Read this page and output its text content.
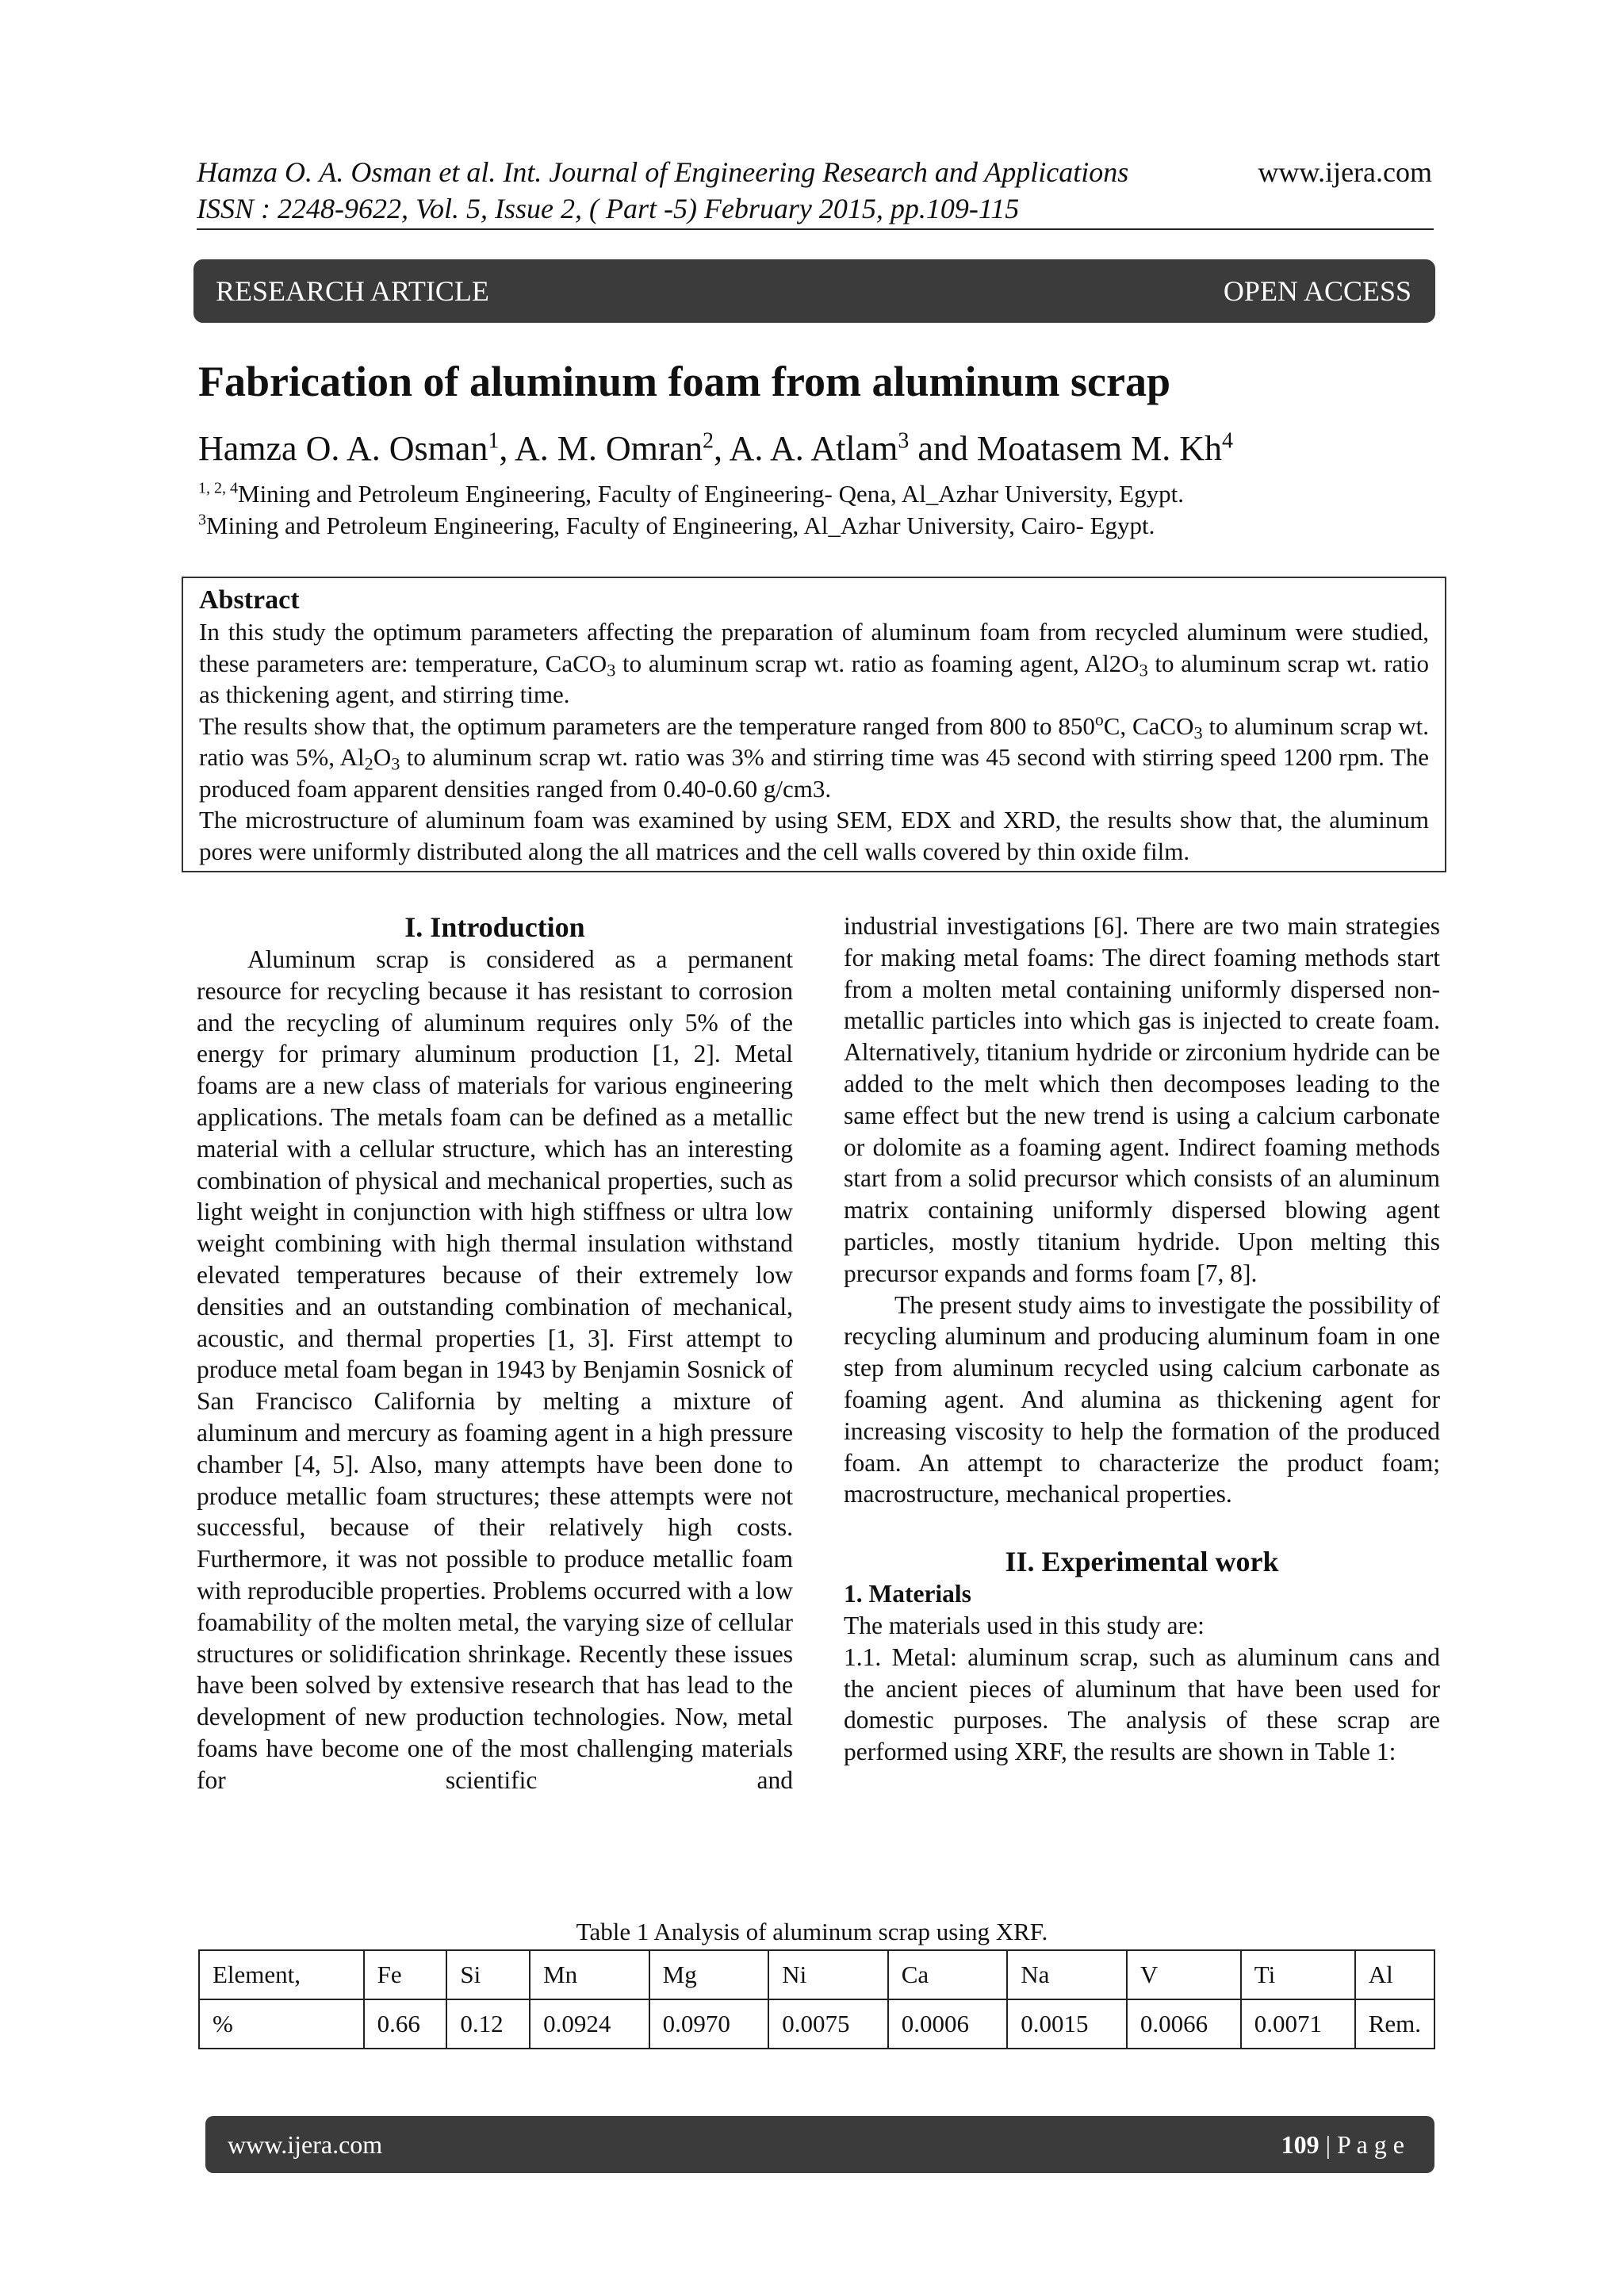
Hamza O. A. Osman et al. Int. Journal of Engineering Research and Applications
ISSN : 2248-9622, Vol. 5, Issue 2, ( Part -5) February 2015, pp.109-115
www.ijera.com
RESEARCH ARTICLE	OPEN ACCESS
Fabrication of aluminum foam from aluminum scrap
Hamza O. A. Osman$^1$, A. M. Omran$^2$, A. A. Atlam$^3$ and Moatasem M. Kh$^4$
$^{1, 2, 4}$Mining and Petroleum Engineering, Faculty of Engineering- Qena, Al_Azhar University, Egypt.
$^3$Mining and Petroleum Engineering, Faculty of Engineering, Al_Azhar University, Cairo- Egypt.
Abstract

In this study the optimum parameters affecting the preparation of aluminum foam from recycled aluminum were studied, these parameters are: temperature, CaCO$_3$ to aluminum scrap wt. ratio as foaming agent, $Al2O_3$ to aluminum scrap wt. ratio as thickening agent, and stirring time.

The results show that, the optimum parameters are the temperature ranged from 800 to 850$^o$C, CaCO$_3$ to aluminum scrap wt. ratio was 5%, $Al_2O_3$ to aluminum scrap wt. ratio was 3% and stirring time was 45 second with stirring speed 1200 rpm. The produced foam apparent densities ranged from 0.40-0.60 g/cm3.

The microstructure of aluminum foam was examined by using SEM, EDX and XRD, the results show that, the aluminum pores were uniformly distributed along the all matrices and the cell walls covered by thin oxide film.

I. Introduction

Aluminum scrap is considered as a permanent resource for recycling because it has resistant to corrosion and the recycling of aluminum requires only 5% of the energy for primary aluminum production [1, 2]. Metal foams are a new class of materials for various engineering applications. The metals foam can be defined as a metallic material with a cellular structure, which has an interesting combination of physical and mechanical properties, such as light weight in conjunction with high stiffness or ultra low weight combining with high thermal insulation withstand elevated temperatures because of their extremely low densities and an outstanding combination of mechanical, acoustic, and thermal properties [1, 3]. First attempt to produce metal foam began in 1943 by Benjamin Sosnick of San Francisco California by melting a mixture of aluminum and mercury as foaming agent in a high pressure chamber [4, 5]. Also, many attempts have been done to produce metallic foam structures; these attempts were not successful, because of their relatively high costs. Furthermore, it was not possible to produce metallic foam with reproducible properties. Problems occurred with a low foamability of the molten metal, the varying size of cellular structures or solidification shrinkage. Recently these issues have been solved by extensive research that has lead to the development of new production technologies. Now, metal foams have become one of the most challenging materials for scientific and

industrial investigations [6]. There are two main strategies for making metal foams: The direct foaming methods start from a molten metal containing uniformly dispersed non-metallic particles into which gas is injected to create foam. Alternatively, titanium hydride or zirconium hydride can be added to the melt which then decomposes leading to the same effect but the new trend is using a calcium carbonate or dolomite as a foaming agent. Indirect foaming methods start from a solid precursor which consists of an aluminum matrix containing uniformly dispersed blowing agent particles, mostly titanium hydride. Upon melting this precursor expands and forms foam [7, 8].

The present study aims to investigate the possibility of recycling aluminum and producing aluminum foam in one step from aluminum recycled using calcium carbonate as foaming agent. And alumina as thickening agent for increasing viscosity to help the formation of the produced foam. An attempt to characterize the product foam; macrostructure, mechanical properties.

II. Experimental work
1. Materials
The materials used in this study are:

1.1. Metal: aluminum scrap, such as aluminum cans and the ancient pieces of aluminum that have been used for domestic purposes. The analysis of these scrap are performed using XRF, the results are shown in Table 1:

Table 1 Analysis of aluminum scrap using XRF.
Element,	Fe	Si	Mn	Mg	Ni	Ca	Na	V	Ti	Al
%	0.66	0.12	0.0924	0.0970	0.0075	0.0006	0.0015	0.0066	0.0071	Rem.
www.ijera.com	109 | P a g e
